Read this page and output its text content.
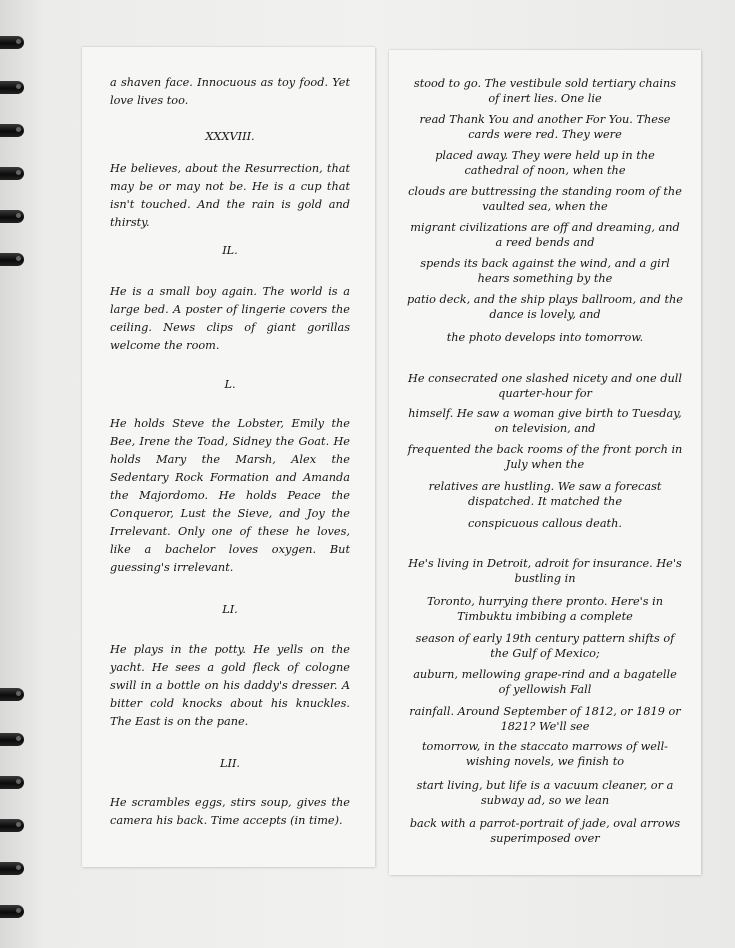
a shaven face. Innocuous as toy food. Yet love lives too.
XXXVIII.
He believes, about the Resurrection, that may be or may not be. He is a cup that isn't touched. And the rain is gold and thirsty.
IL.
He is a small boy again. The world is a large bed. A poster of lingerie covers the ceiling. News clips of giant gorillas welcome the room.
L.
He holds Steve the Lobster, Emily the Bee, Irene the Toad, Sidney the Goat. He holds Mary the Marsh, Alex the Sedentary Rock Formation and Amanda the Majordomo. He holds Peace the Conqueror, Lust the Sieve, and Joy the Irrelevant. Only one of these he loves, like a bachelor loves oxygen. But guessing's irrelevant.
LI.
He plays in the potty. He yells on the yacht. He sees a gold fleck of cologne swill in a bottle on his daddy's dresser. A bitter cold knocks about his knuckles. The East is on the pane.
LII.
He scrambles eggs, stirs soup, gives the camera his back. Time accepts (in time).
stood to go. The vestibule sold tertiary chains of inert lies. One lie
read Thank You and another For You. These cards were red. They were
placed away. They were held up in the cathedral of noon, when the
clouds are buttressing the standing room of the vaulted sea, when the
migrant civilizations are off and dreaming, and a reed bends and
spends its back against the wind, and a girl hears something by the
patio deck, and the ship plays ballroom, and the dance is lovely, and
the photo develops into tomorrow.
He consecrated one slashed nicety and one dull quarter-hour for
himself. He saw a woman give birth to Tuesday, on television, and
frequented the back rooms of the front porch in July when the
relatives are hustling. We saw a forecast dispatched. It matched the
conspicuous callous death.
He's living in Detroit, adroit for insurance. He's bustling in
Toronto, hurrying there pronto. Here's in Timbuktu imbibing a complete
season of early 19th century pattern shifts of the Gulf of Mexico;
auburn, mellowing grape-rind and a bagatelle of yellowish Fall
rainfall. Around September of 1812, or 1819 or 1821? We'll see
tomorrow, in the staccato marrows of well-wishing novels, we finish to
start living, but life is a vacuum cleaner, or a subway ad, so we lean
back with a parrot-portrait of jade, oval arrows superimposed over
